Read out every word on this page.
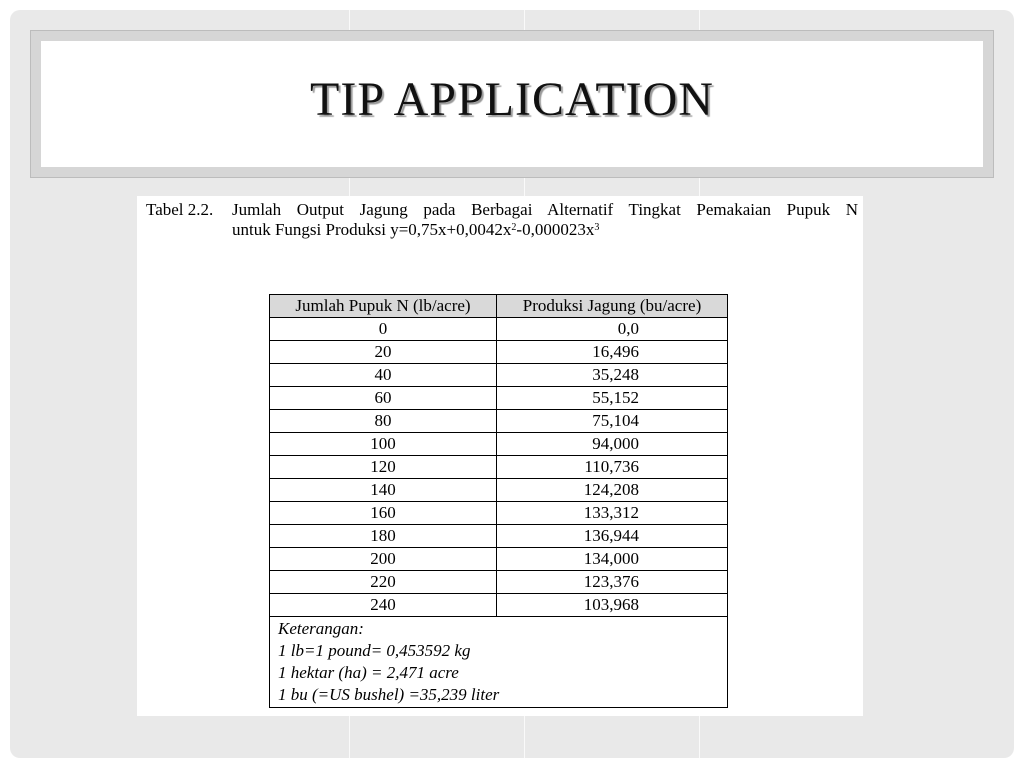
TIP APPLICATION
Tabel 2.2. Jumlah Output Jagung pada Berbagai Alternatif Tingkat Pemakaian Pupuk N
untuk Fungsi Produksi $y=0,75x+0,0042x^2-0,000023x^3$
Jumlah Pupuk N (lb/acre)	Produksi Jagung (bu/acre)
0	0,0
20	16,496
40	35,248
60	55,152
80	75,104
100	94,000
120	110,736
140	124,208
160	133,312
180	136,944
200	134,000
220	123,376
240	103,968

Keterangan:
1 lb=1 pound= 0,453592 kg
1 hektar (ha) = 2,471 acre
1 bu (=US bushel) =35,239 liter	
